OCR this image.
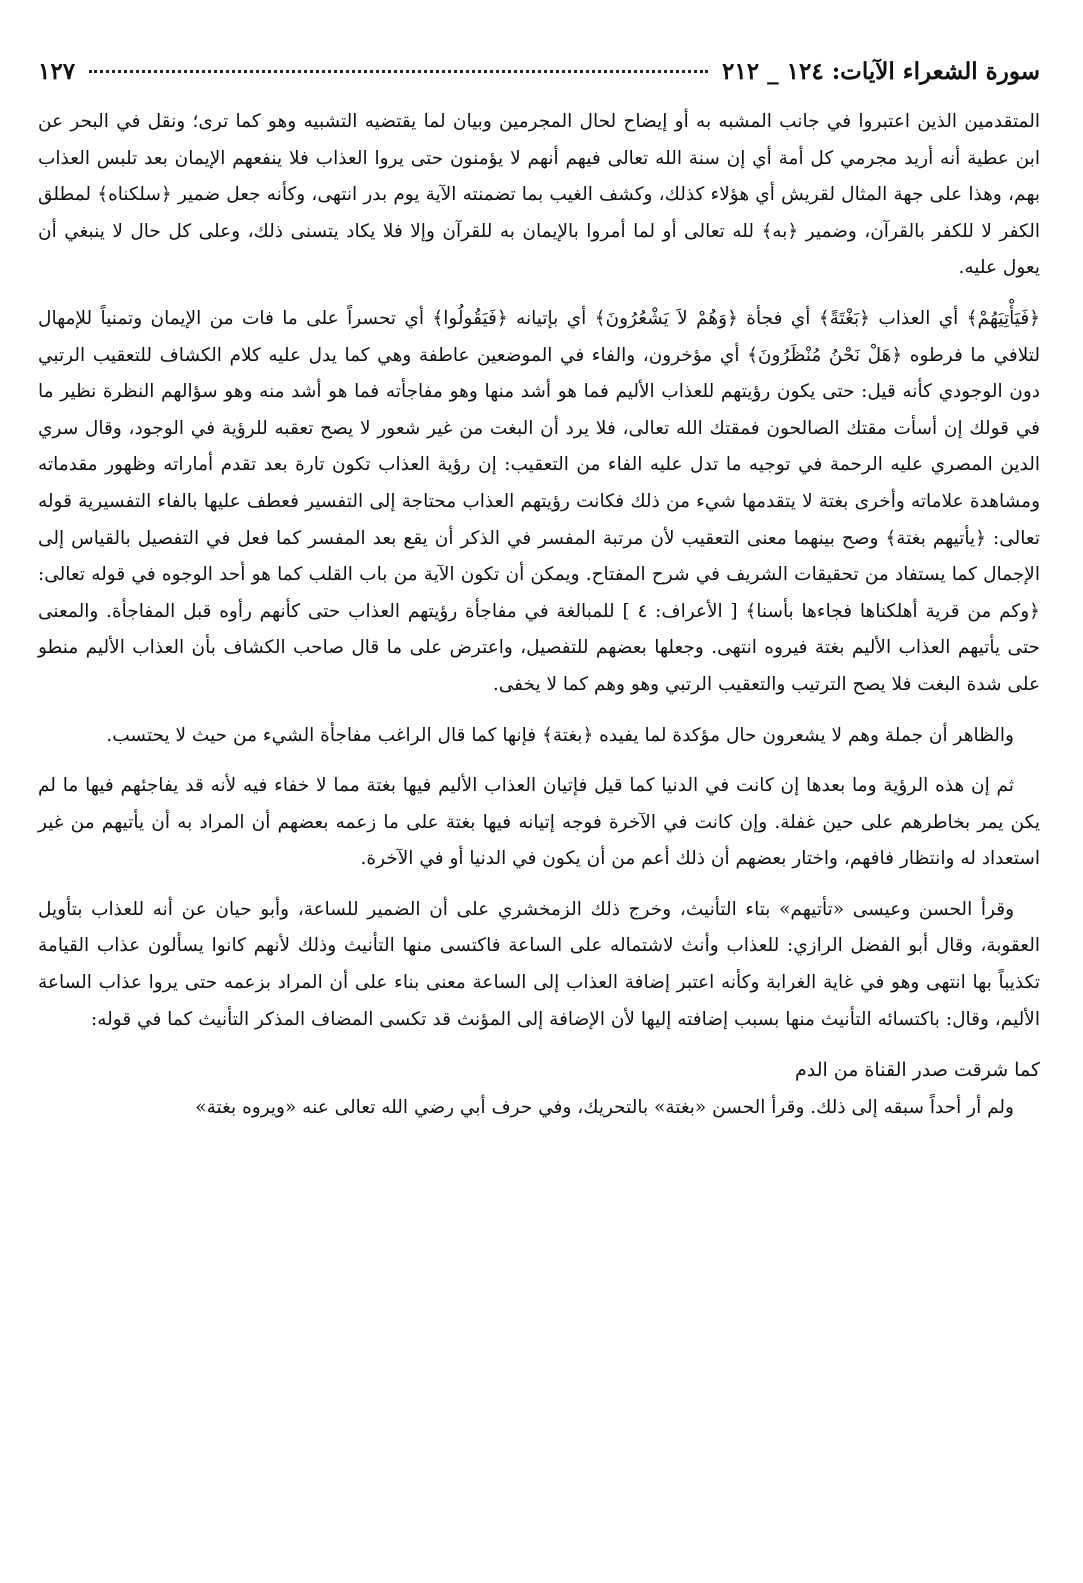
سورة الشعراء الآيات: ١٢٤ _ ٢١٢
١٢٧

المتقدمين الذين اعتبروا في جانب المشبه به أو إيضاح لحال المجرمين وبيان لما يقتضيه التشبيه وهو كما ترى؛ ونقل في البحر عن ابن عطية أنه أريد مجرمي كل أمة أي إن سنة الله تعالى فيهم أنهم لا يؤمنون حتى يروا العذاب فلا ينفعهم الإيمان بعد تلبس العذاب بهم، وهذا على جهة المثال لقريش أي هؤلاء كذلك، وكشف الغيب بما تضمنته الآية يوم بدر انتهى، وكأنه جعل ضمير ﴿سلكناه﴾ لمطلق الكفر لا للكفر بالقرآن، وضمير ﴿به﴾ لله تعالى أو لما أمروا بالإيمان به للقرآن وإلا فلا يكاد يتسنى ذلك، وعلى كل حال لا ينبغي أن يعول عليه.

﴿فَيَأْتِيَهُمْ﴾ أي العذاب ﴿بَغْتَةً﴾ أي فجأة ﴿وَهُمْ لاَ يَشْعُرُونَ﴾ أي بإتيانه ﴿فَيَقُولُوا﴾ أي تحسراً على ما فات من الإيمان وتمنياً للإمهال لتلافي ما فرطوه ﴿هَلْ نَحْنُ مُنْظَرُونَ﴾ أي مؤخرون، والفاء في الموضعين عاطفة وهي كما يدل عليه كلام الكشاف للتعقيب الرتبي دون الوجودي كأنه قيل: حتى يكون رؤيتهم للعذاب الأليم فما هو أشد منها وهو مفاجأته فما هو أشد منه وهو سؤالهم النظرة نظير ما في قولك إن أسأت مقتك الصالحون فمقتك الله تعالى، فلا يرد أن البغت من غير شعور لا يصح تعقبه للرؤية في الوجود، وقال سري الدين المصري عليه الرحمة في توجيه ما تدل عليه الفاء من التعقيب: إن رؤية العذاب تكون تارة بعد تقدم أماراته وظهور مقدماته ومشاهدة علاماته وأخرى بغتة لا يتقدمها شيء من ذلك فكانت رؤيتهم العذاب محتاجة إلى التفسير فعطف عليها بالفاء التفسيرية قوله تعالى: ﴿يأتيهم بغتة﴾ وصح بينهما معنى التعقيب لأن مرتبة المفسر في الذكر أن يقع بعد المفسر كما فعل في التفصيل بالقياس إلى الإجمال كما يستفاد من تحقيقات الشريف في شرح المفتاح. ويمكن أن تكون الآية من باب القلب كما هو أحد الوجوه في قوله تعالى: ﴿وكم من قرية أهلكناها فجاءها بأسنا﴾ [ الأعراف: ٤ ] للمبالغة في مفاجأة رؤيتهم العذاب حتى كأنهم رأوه قبل المفاجأة. والمعنى حتى يأتيهم العذاب الأليم بغتة فيروه انتهى. وجعلها بعضهم للتفصيل، واعترض على ما قال صاحب الكشاف بأن العذاب الأليم منطو على شدة البغت فلا يصح الترتيب والتعقيب الرتبي وهو وهم كما لا يخفى.

والظاهر أن جملة وهم لا يشعرون حال مؤكدة لما يفيده ﴿بغتة﴾ فإنها كما قال الراغب مفاجأة الشيء من حيث لا يحتسب.

ثم إن هذه الرؤية وما بعدها إن كانت في الدنيا كما قيل فإتيان العذاب الأليم فيها بغتة مما لا خفاء فيه لأنه قد يفاجئهم فيها ما لم يكن يمر بخاطرهم على حين غفلة. وإن كانت في الآخرة فوجه إتيانه فيها بغتة على ما زعمه بعضهم أن المراد به أن يأتيهم من غير استعداد له وانتظار فافهم، واختار بعضهم أن ذلك أعم من أن يكون في الدنيا أو في الآخرة.

وقرأ الحسن وعيسى «تأتيهم» بتاء التأنيث، وخرج ذلك الزمخشري على أن الضمير للساعة، وأبو حيان عن أنه للعذاب بتأويل العقوبة، وقال أبو الفضل الرازي: للعذاب وأنث لاشتماله على الساعة فاكتسى منها التأنيث وذلك لأنهم كانوا يسألون عذاب القيامة تكذيباً بها انتهى وهو في غاية الغرابة وكأنه اعتبر إضافة العذاب إلى الساعة معنى بناء على أن المراد بزعمه حتى يروا عذاب الساعة الأليم، وقال: باكتسائه التأنيث منها بسبب إضافته إليها لأن الإضافة إلى المؤنث قد تكسى المضاف المذكر التأنيث كما في قوله:

كما شرقت صدر القناة من الدم

ولم أر أحداً سبقه إلى ذلك. وقرأ الحسن «بغتة» بالتحريك، وفي حرف أبي رضي الله تعالى عنه «ويروه بغتة»
